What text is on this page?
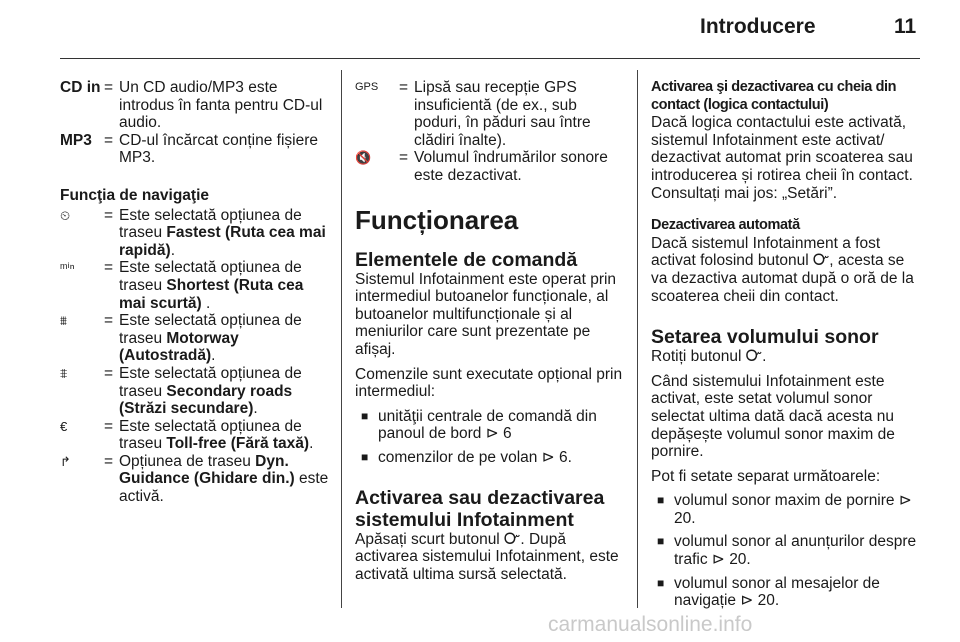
Introducere	11
CD in = Un CD audio/MP3 este introdus în fanta pentru CD-ul audio.
MP3 = CD-ul încărcat conține fișiere MP3.
Funcţia de navigaţie
⏲	= Este selectată opțiunea de traseu Fastest (Ruta cea mai rapidă).
ᵐⁱⁿ	= Este selectată opțiunea de traseu Shortest (Ruta cea mai scurtă) .
⩩	= Este selectată opțiunea de traseu Motorway (Autostradă).
⩨	= Este selectată opțiunea de traseu Secondary roads (Străzi secundare).
€	= Este selectată opțiunea de traseu Toll-free (Fără taxă).
↱	= Opțiunea de traseu Dyn. Guidance (Ghidare din.) este activă.
GPS	= Lipsă sau recepție GPS insuficientă (de ex., sub poduri, în păduri sau între clădiri înalte).
🔇	= Volumul îndrumărilor sonore este dezactivat.
Funcționarea
Elementele de comandă

Sistemul Infotainment este operat prin intermediul butoanelor funcționale, al butoanelor multifuncționale și al meniurilor care sunt prezentate pe afișaj.

Comenzile sunt executate opțional prin intermediul:

■ unităţii centrale de comandă din panoul de bord ⊳ 6
■ comenzilor de pe volan ⊳ 6.
Activarea sau dezactivarea sistemului Infotainment

Apăsați scurt butonul Ꮕ. După activarea sistemului Infotainment, este activată ultima sursă selectată.

Activarea şi dezactivarea cu cheia din contact (logica contactului)

Dacă logica contactului este activată, sistemul Infotainment este activat/ dezactivat automat prin scoaterea sau introducerea și rotirea cheii în contact. Consultați mai jos: „Setări”.

Dezactivarea automată

Dacă sistemul Infotainment a fost activat folosind butonul Ꮕ, acesta se va dezactiva automat după o oră de la scoaterea cheii din contact.

Setarea volumului sonor

Rotiți butonul Ꮕ.

Când sistemului Infotainment este activat, este setat volumul sonor selectat ultima dată dacă acesta nu depășește volumul sonor maxim de pornire.

Pot fi setate separat următoarele:

■ volumul sonor maxim de pornire ⊳ 20.
■ volumul sonor al anunțurilor despre trafic ⊳ 20.
■ volumul sonor al mesajelor de navigație ⊳ 20.
carmanualsonline.info
